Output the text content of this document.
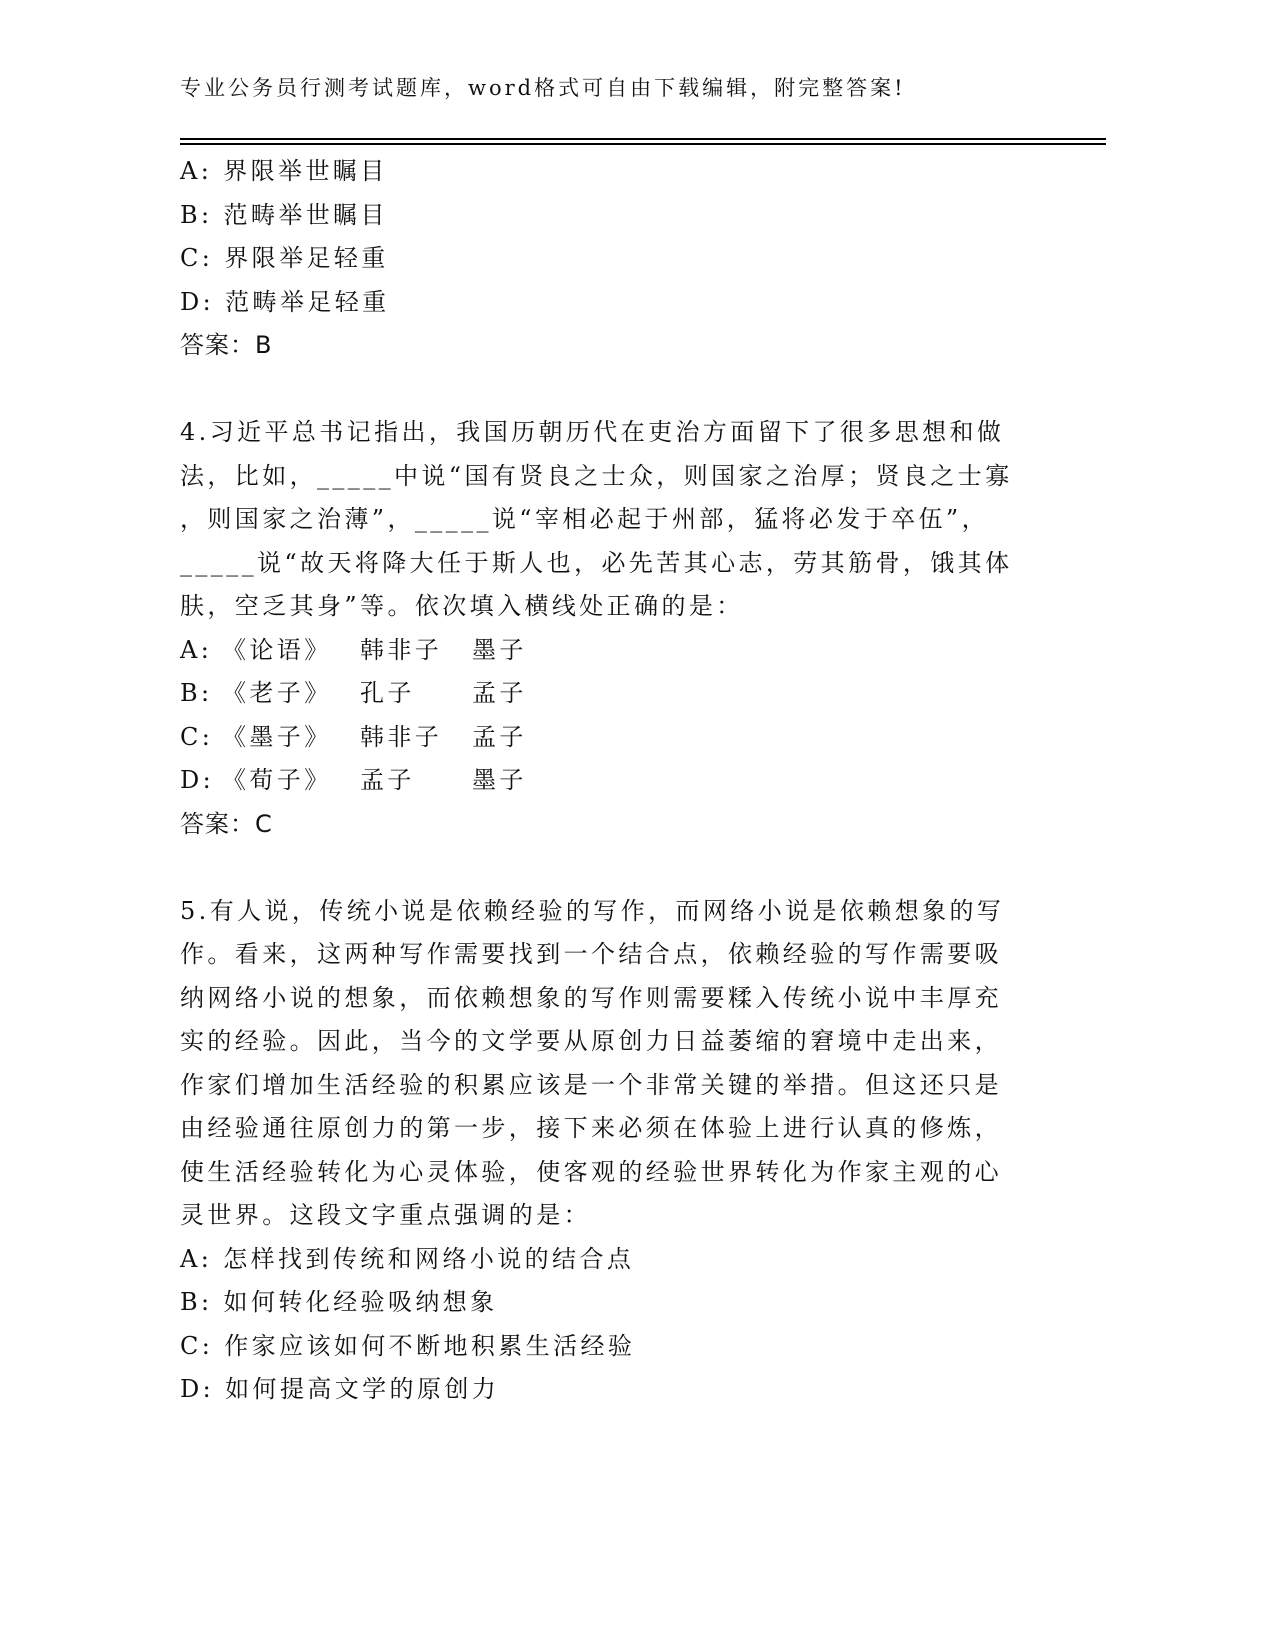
专业公务员行测考试题库，word格式可自由下载编辑，附完整答案!
A: 界限举世瞩目
B: 范畴举世瞩目
C: 界限举足轻重
D: 范畴举足轻重
答案：B
4.习近平总书记指出，我国历朝历代在吏治方面留下了很多思想和做
法，比如，_____中说“国有贤良之士众，则国家之治厚；贤良之士寡
，则国家之治薄”，_____说“宰相必起于州部，猛将必发于卒伍”，
_____说“故天将降大任于斯人也，必先苦其心志，劳其筋骨，饿其体
肤，空乏其身”等。依次填入横线处正确的是：
A: 《论语》 韩非子 墨子
B: 《老子》 孔子 孟子
C: 《墨子》 韩非子 孟子
D: 《荀子》 孟子 墨子
答案：C
5.有人说，传统小说是依赖经验的写作，而网络小说是依赖想象的写
作。看来，这两种写作需要找到一个结合点，依赖经验的写作需要吸
纳网络小说的想象，而依赖想象的写作则需要糅入传统小说中丰厚充
实的经验。因此，当今的文学要从原创力日益萎缩的窘境中走出来，
作家们增加生活经验的积累应该是一个非常关键的举措。但这还只是
由经验通往原创力的第一步，接下来必须在体验上进行认真的修炼，
使生活经验转化为心灵体验，使客观的经验世界转化为作家主观的心
灵世界。这段文字重点强调的是：
A: 怎样找到传统和网络小说的结合点
B: 如何转化经验吸纳想象
C: 作家应该如何不断地积累生活经验
D: 如何提高文学的原创力
